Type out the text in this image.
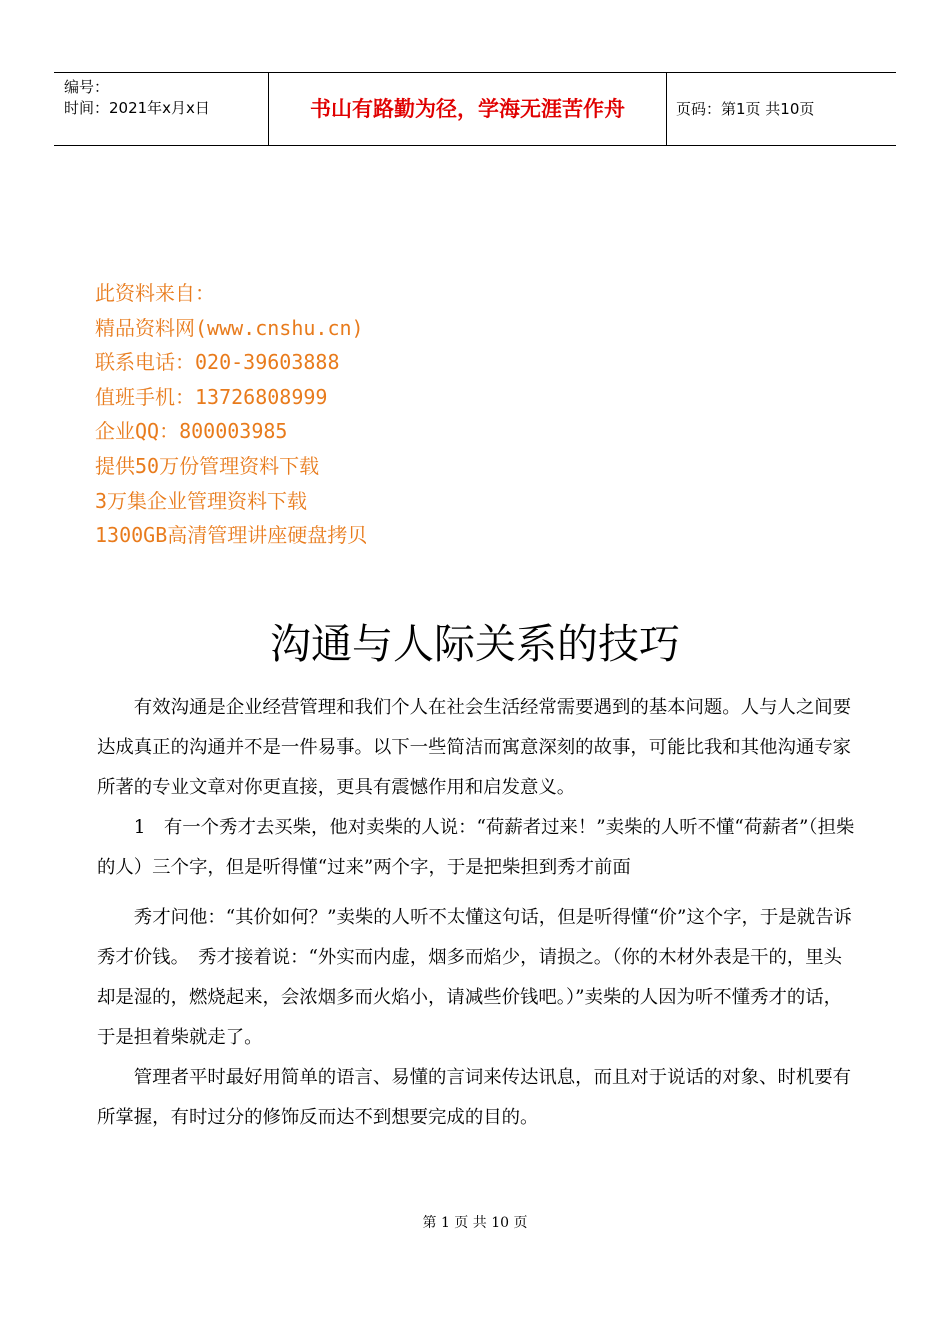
编号：
时间：2021年x月x日	书山有路勤为径，学海无涯苦作舟	页码：第1页 共10页
此资料来自：
精品资料网(www.cnshu.cn)
联系电话：020-39603888
值班手机：13726808999
企业QQ：800003985
提供50万份管理资料下载
3万集企业管理资料下载
1300GB高清管理讲座硬盘拷贝
沟通与人际关系的技巧

有效沟通是企业经营管理和我们个人在社会生活经常需要遇到的基本问题。人与人之间要达成真正的沟通并不是一件易事。以下一些简洁而寓意深刻的故事，可能比我和其他沟通专家所著的专业文章对你更直接，更具有震憾作用和启发意义。

1　有一个秀才去买柴，他对卖柴的人说：“荷薪者过来！”卖柴的人听不懂“荷薪者”（担柴的人）三个字，但是听得懂“过来”两个字，于是把柴担到秀才前面

秀才问他：“其价如何？”卖柴的人听不太懂这句话，但是听得懂“价”这个字，于是就告诉秀才价钱。　秀才接着说：“外实而内虚，烟多而焰少，请损之。（你的木材外表是干的，里头却是湿的，燃烧起来，会浓烟多而火焰小，请减些价钱吧。）”卖柴的人因为听不懂秀才的话，于是担着柴就走了。

管理者平时最好用简单的语言、易懂的言词来传达讯息，而且对于说话的对象、时机要有所掌握，有时过分的修饰反而达不到想要完成的目的。

第 1 页 共 10 页
